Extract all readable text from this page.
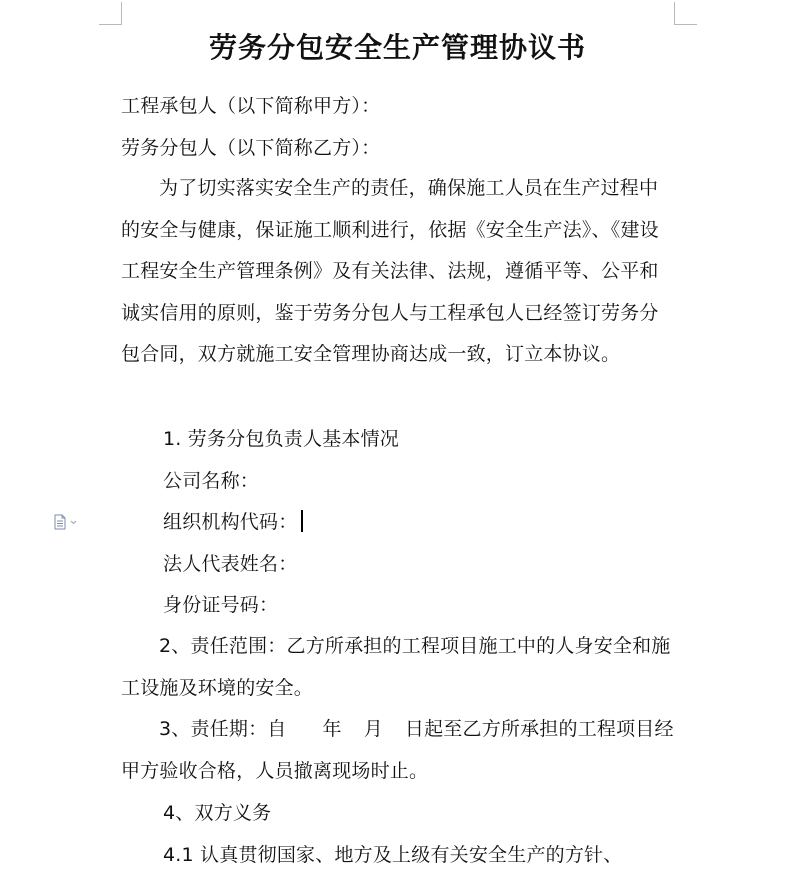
劳务分包安全生产管理协议书
工程承包人（以下简称甲方）：
劳务分包人（以下简称乙方）：
为了切实落实安全生产的责任，确保施工人员在生产过程中的安全与健康，保证施工顺利进行，依据《安全生产法》、《建设工程安全生产管理条例》及有关法律、法规，遵循平等、公平和诚实信用的原则，鉴于劳务分包人与工程承包人已经签订劳务分包合同，双方就施工安全管理协商达成一致，订立本协议。
1. 劳务分包负责人基本情况
公司名称：
组织机构代码：
法人代表姓名：
身份证号码：
2、责任范围：乙方所承担的工程项目施工中的人身安全和施工设施及环境的安全。
3、责任期：自 年 月 日起至乙方所承担的工程项目经甲方验收合格，人员撤离现场时止。
4、双方义务
4.1 认真贯彻国家、地方及上级有关安全生产的方针、
